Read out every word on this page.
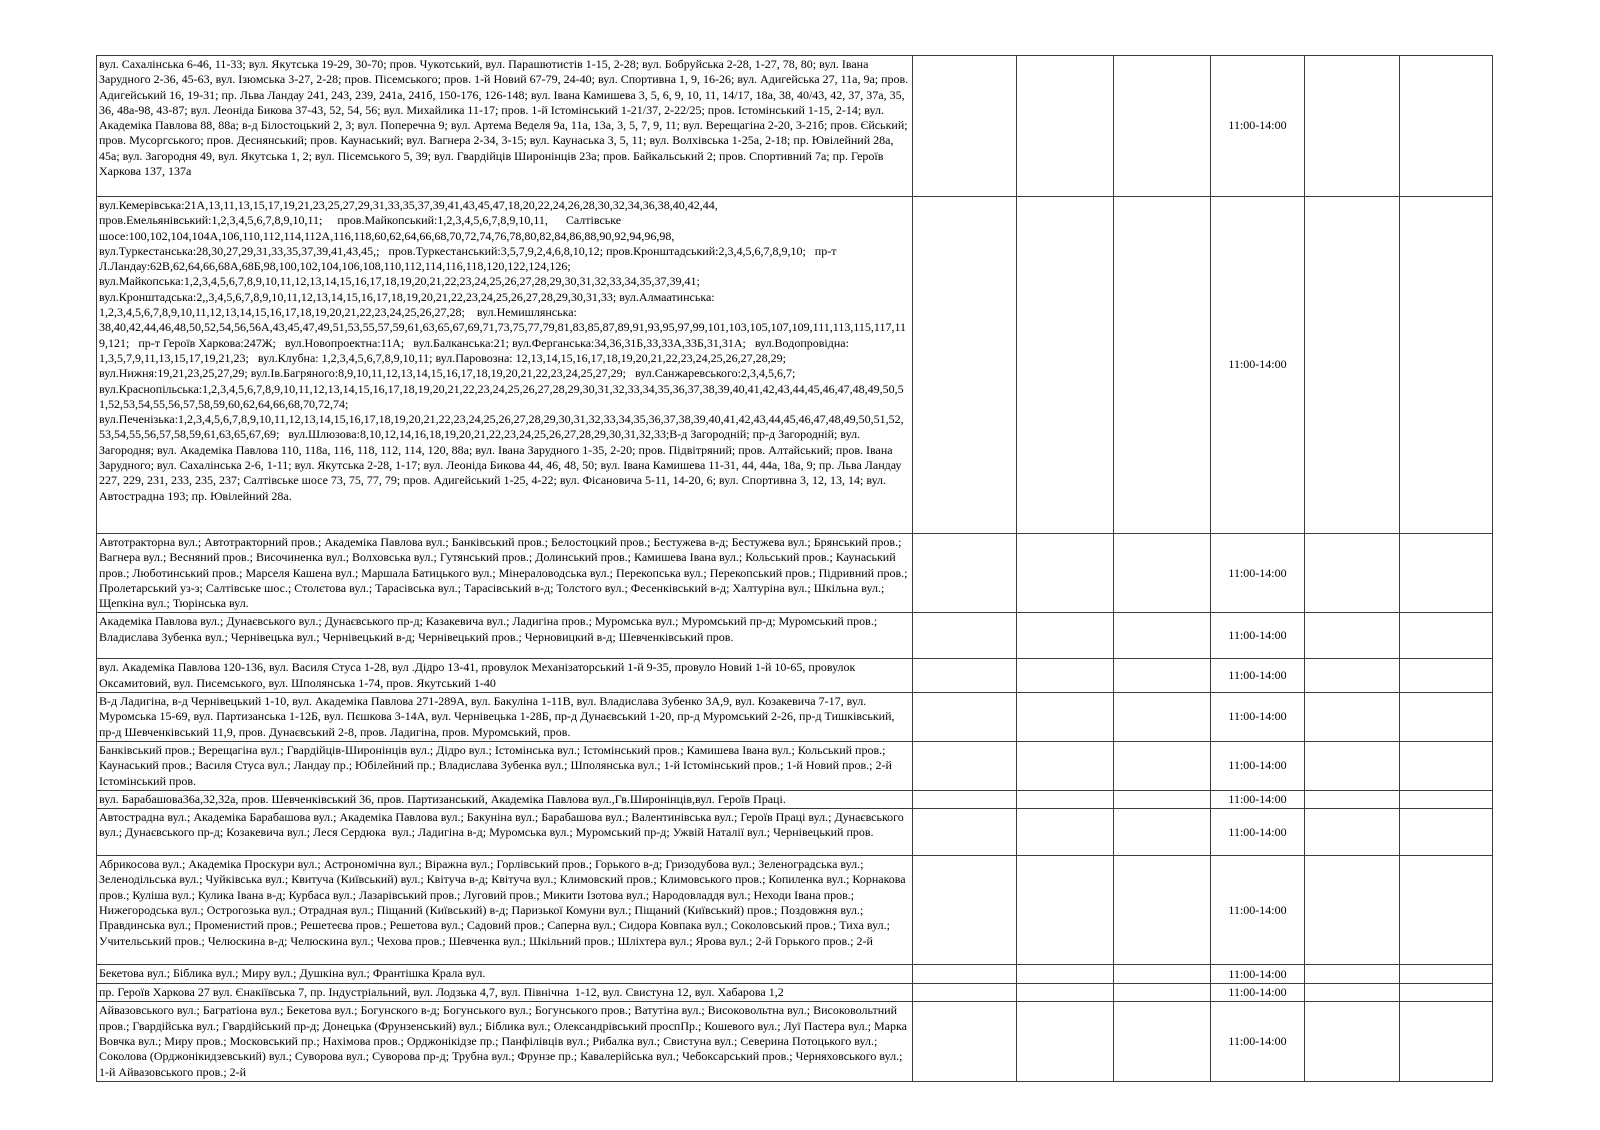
вул. Сахалінська 6-46, 11-33; вул. Якутська 19-29, 30-70; пров. Чукотський, вул. Парашютистів 1-15, 2-28; вул. Бобруйська 2-28, 1-27, 78, 80; вул. Івана Зарудного 2-36, 45-63, вул. Ізюмська 3-27, 2-28; пров. Пісемського; пров. 1-й Новий 67-79, 24-40; вул. Спортивна 1, 9, 16-26; вул. Адигейська 27, 11а, 9а; пров. Адигейський 16, 19-31; пр. Льва Ландау 241, 243, 239, 241а, 241б, 150-176, 126-148; вул. Івана Камишева 3, 5, 6, 9, 10, 11, 14/17, 18а, 38, 40/43, 42, 37, 37а, 35, 36, 48а-98, 43-87; вул. Леоніда Бикова 37-43, 52, 54, 56; вул. Михайлика 11-17; пров. 1-й Істомінський 1-21/37, 2-22/25; пров. Істомінський 1-15, 2-14; вул. Академіка Павлова 88, 88а; в-д Білостоцький 2, 3; вул. Поперечна 9; вул. Артема Веделя 9а, 11а, 13а, 3, 5, 7, 9, 11; вул. Верещагіна 2-20, 3-21б; пров. Єйський; пров. Мусоргського; пров. Деснянський; пров. Каунаський; вул. Вагнера 2-34, 3-15; вул. Каунаська 3, 5, 11; вул. Волхівська 1-25а, 2-18; пр. Ювілейний 28а, 45а; вул. Загородня 49, вул. Якутська 1, 2; вул. Пісемського 5, 39; вул. Гвардійців Широнінців 23а; пров. Байкальський 2; пров. Спортивний 7а; пр. Героїв Харкова 137, 137а				11:00-14:00		
вул.Кемерівська:21А,13,11,13,15,17,19,21,23,25,27,29,31,33,35,37,39,41,43,45,47,18,20,22,24,26,28,30,32,34,36,38,40,42,44, пров.Емельянівський:1,2,3,4,5,6,7,8,9,10,11;     пров.Майкопський:1,2,3,4,5,6,7,8,9,10,11,      Салтівське шосе:100,102,104,104А,106,110,112,114,112А,116,118,60,62,64,66,68,70,72,74,76,78,80,82,84,86,88,90,92,94,96,98, вул.Туркестанська:28,30,27,29,31,33,35,37,39,41,43,45,;   пров.Туркестанський:3,5,7,9,2,4,6,8,10,12; пров.Кронштадський:2,3,4,5,6,7,8,9,10;   пр-т Л.Ландау:62В,62,64,66,68А,68Б,98,100,102,104,106,108,110,112,114,116,118,120,122,124,126; вул.Майкопська:1,2,3,4,5,6,7,8,9,10,11,12,13,14,15,16,17,18,19,20,21,22,23,24,25,26,27,28,29,30,31,32,33,34,35,37,39,41; вул.Кронштадська:2,,3,4,5,6,7,8,9,10,11,12,13,14,15,16,17,18,19,20,21,22,23,24,25,26,27,28,29,30,31,33; вул.Алмаатинська: 1,2,3,4,5,6,7,8,9,10,11,12,13,14,15,16,17,18,19,20,21,22,23,24,25,26,27,28;    вул.Немишлянська: 38,40,42,44,46,48,50,52,54,56,56А,43,45,47,49,51,53,55,57,59,61,63,65,67,69,71,73,75,77,79,81,83,85,87,89,91,93,95,97,99,101,103,105,107,109,111,113,115,117,119,121;   пр-т Героїв Харкова:247Ж;   вул.Новопроектна:11А;   вул.Балканська:21; вул.Ферганська:34,36,31Б,33,33А,33Б,31,31А;   вул.Водопровідна: 1,3,5,7,9,11,13,15,17,19,21,23;   вул.Клубна: 1,2,3,4,5,6,7,8,9,10,11; вул.Паровозна: 12,13,14,15,16,17,18,19,20,21,22,23,24,25,26,27,28,29;   вул.Нижня:19,21,23,25,27,29; вул.Ів.Багряного:8,9,10,11,12,13,14,15,16,17,18,19,20,21,22,23,24,25,27,29;   вул.Санжаревського:2,3,4,5,6,7; вул.Краснопільська:1,2,3,4,5,6,7,8,9,10,11,12,13,14,15,16,17,18,19,20,21,22,23,24,25,26,27,28,29,30,31,32,33,34,35,36,37,38,39,40,41,42,43,44,45,46,47,48,49,50,51,52,53,54,55,56,57,58,59,60,62,64,66,68,70,72,74; вул.Печенізька:1,2,3,4,5,6,7,8,9,10,11,12,13,14,15,16,17,18,19,20,21,22,23,24,25,26,27,28,29,30,31,32,33,34,35,36,37,38,39,40,41,42,43,44,45,46,47,48,49,50,51,52,53,54,55,56,57,58,59,61,63,65,67,69;   вул.Шлюзова:8,10,12,14,16,18,19,20,21,22,23,24,25,26,27,28,29,30,31,32,33;В-д Загородній; пр-д Загородній; вул. Загородня; вул. Академіка Павлова 110, 118а, 116, 118, 112, 114, 120, 88а; вул. Івана Зарудного 1-35, 2-20; пров. Підвітряний; пров. Алтайський; пров. Івана Зарудного; вул. Сахалінська 2-6, 1-11; вул. Якутська 2-28, 1-17; вул. Леоніда Бикова 44, 46, 48, 50; вул. Івана Камишева 11-31, 44, 44а, 18а, 9; пр. Льва Ландау 227, 229, 231, 233, 235, 237; Салтівське шосе 73, 75, 77, 79; пров. Адигейський 1-25, 4-22; вул. Фісановича 5-11, 14-20, 6; вул. Спортивна 3, 12, 13, 14; вул. Автострадна 193; пр. Ювілейний 28а.				11:00-14:00		
Автотракторна вул.; Автотракторний пров.; Академіка Павлова вул.; Банківський пров.; Белостоцкий пров.; Бестужева в-д; Бестужева вул.; Брянський пров.; Вагнера вул.; Весняний пров.; Височиненка вул.; Волховська вул.; Гутянський пров.; Долинський пров.; Камишева Івана вул.; Кольський пров.; Каунаський пров.; Люботинський пров.; Марселя Кашена вул.; Маршала Батицького вул.; Мінераловодська вул.; Перекопська вул.; Перекопський пров.; Підривний пров.; Пролетарський уз-з; Салтівське шос.; Столєтова вул.; Тарасівська вул.; Тарасівський в-д; Толстого вул.; Фесенківський в-д; Халтуріна вул.; Шкільна вул.; Щепкіна вул.; Тюрінська вул.				11:00-14:00		
Академіка Павлова вул.; Дунаєвського вул.; Дунаєвського пр-д; Казакевича вул.; Ладигіна пров.; Муромська вул.; Муромський пр-д; Муромський пров.; Владислава Зубенка вул.; Чернівецька вул.; Чернівецький в-д; Чернівецький пров.; Черновицкий в-д; Шевченківський пров.				11:00-14:00		
вул. Академіка Павлова 120-136, вул. Василя Стуса 1-28, вул .Дідро 13-41, провулок Механізаторський 1-й 9-35, провуло Новий 1-й 10-65, провулок Оксамитовий, вул. Писемського, вул. Шполянська 1-74, пров. Якутський 1-40				11:00-14:00		
В-д Ладигіна, в-д Чернівецький 1-10, вул. Академіка Павлова 271-289А, вул. Бакуліна 1-11В, вул. Владислава Зубенко 3А,9, вул. Козакевича 7-17, вул. Муромська 15-69, вул. Партизанська 1-12Б, вул. Пєшкова 3-14А, вул. Чернівецька 1-28Б, пр-д Дунаєвський 1-20, пр-д Муромський 2-26, пр-д Тишківський, пр-д Шевченківський 11,9, пров. Дунаєвський 2-8, пров. Ладигіна, пров. Муромський, пров.				11:00-14:00		
Банківський пров.; Верещагіна вул.; Гвардійців-Широнінців вул.; Дідро вул.; Істомінська вул.; Істомінський пров.; Камишева Івана вул.; Кольський пров.; Каунаський пров.; Василя Стуса вул.; Ландау пр.; Юбілейний пр.; Владислава Зубенка вул.; Шполянська вул.; 1-й Істомінський пров.; 1-й Новий пров.; 2-й Істомінський пров.				11:00-14:00		
вул. Барабашова36а,32,32а, пров. Шевченківський 36, пров. Партизанський, Академіка Павлова вул.,Гв.Широнінців,вул. Героїв Праці.				11:00-14:00		
Автострадна вул.; Академіка Барабашова вул.; Академіка Павлова вул.; Бакуніна вул.; Барабашова вул.; Валентинівська вул.; Героїв Праці вул.; Дунаєвського вул.; Дунаєвського пр-д; Козакевича вул.; Леся Сердюка  вул.; Ладигіна в-д; Муромська вул.; Муромський пр-д; Ужвій Наталії вул.; Чернівецький пров.				11:00-14:00		
Абрикосова вул.; Академіка Проскури вул.; Астрономічна вул.; Віражна вул.; Горлівський пров.; Горького в-д; Гризодубова вул.; Зеленоградська вул.; Зеленодільська вул.; Чуйківська вул.; Квитуча (Київський) вул.; Квітуча в-д; Квітуча вул.; Климовский пров.; Климовського пров.; Копиленка вул.; Корнакова пров.; Куліша вул.; Кулика Івана в-д; Курбаса вул.; Лазарівський пров.; Луговий пров.; Микити Ізотова вул.; Народовладдя вул.; Неходи Івана пров.; Нижегородська вул.; Острогозька вул.; Отрадная вул.; Піщаний (Київський) в-д; Паризької Комуни вул.; Піщаний (Київський) пров.; Поздовжня вул.; Правдинська вул.; Променистий пров.; Решетеєва пров.; Решетова вул.; Садовий пров.; Саперна вул.; Сидора Ковпака вул.; Соколовський пров.; Тиха вул.; Учительський пров.; Челюскина в-д; Челюскина вул.; Чехова пров.; Шевченка вул.; Шкільний пров.; Шліхтера вул.; Ярова вул.; 2-й Горького пров.; 2-й				11:00-14:00		
Бекетова вул.; Біблика вул.; Миру вул.; Душкіна вул.; Франтішка Крала вул.				11:00-14:00		
пр. Героїв Харкова 27 вул. Єнакіївська 7, пр. Індустріальний, вул. Лодзька 4,7, вул. Північна  1-12, вул. Свистуна 12, вул. Хабарова 1,2				11:00-14:00		
Айвазовського вул.; Багратіона вул.; Бекетова вул.; Богунского в-д; Богунського вул.; Богунського пров.; Ватутіна вул.; Високовольтна вул.; Високовольтний пров.; Гвардійська вул.; Гвардійський пр-д; Донецька (Фрунзенський) вул.; Біблика вул.; Олександрівський проспПр.; Кошевого вул.; Луї Пастера вул.; Марка Вовчка вул.; Миру пров.; Московський пр.; Нахімова пров.; Орджонікідзе пр.; Панфілівців вул.; Рибалка вул.; Свистуна вул.; Северина Потоцького вул.; Соколова (Орджонікидзевський) вул.; Суворова вул.; Суворова пр-д; Трубна вул.; Фрунзе пр.; Кавалерійська вул.; Чебоксарський пров.; Черняховського вул.; 1-й Айвазовського пров.; 2-й				11:00-14:00		
